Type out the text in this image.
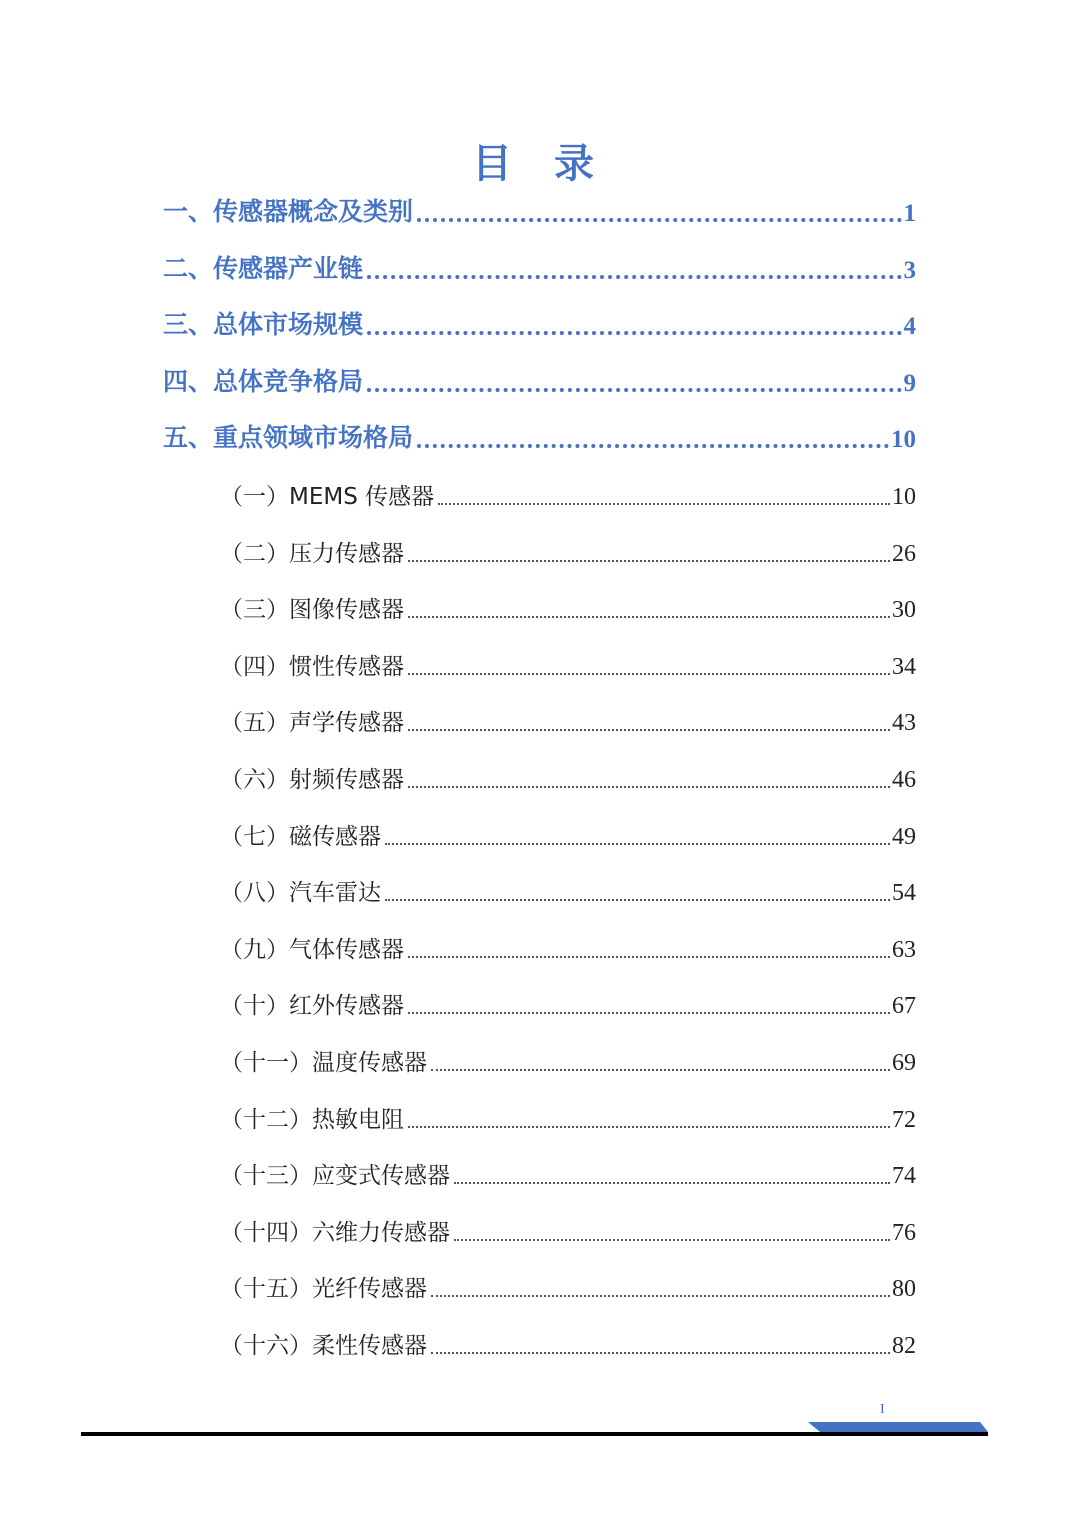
目 录
一、传感器概念及类别	1
二、传感器产业链	3
三、总体市场规模	4
四、总体竞争格局	9
五、重点领域市场格局	10
（一）MEMS 传感器	10
（二）压力传感器	26
（三）图像传感器	30
（四）惯性传感器	34
（五）声学传感器	43
（六）射频传感器	46
（七）磁传感器	49
（八）汽车雷达	54
（九）气体传感器	63
（十）红外传感器	67
（十一）温度传感器	69
（十二）热敏电阻	72
（十三）应变式传感器	74
（十四）六维力传感器	76
（十五）光纤传感器	80
（十六）柔性传感器	82
I
